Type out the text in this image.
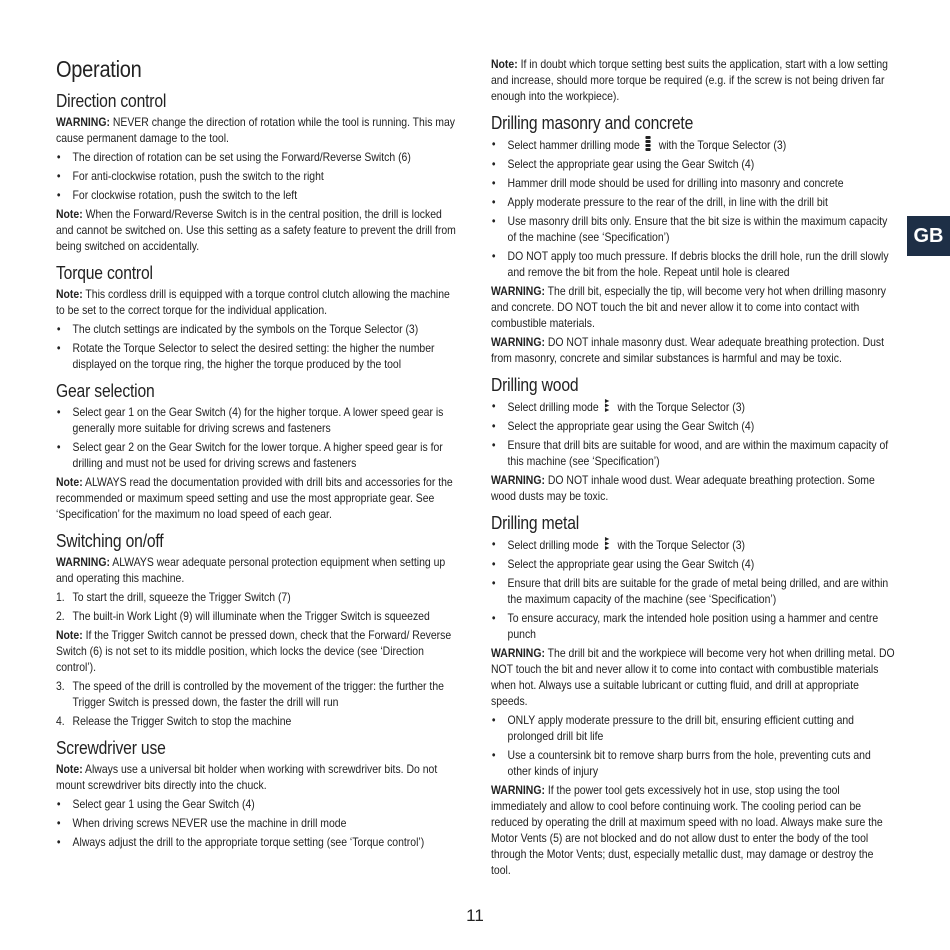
Operation
Direction control

WARNING: NEVER change the direction of rotation while the tool is running. This may cause permanent damage to the tool.

• The direction of rotation can be set using the Forward/Reverse Switch (6)
• For anti-clockwise rotation, push the switch to the right
• For clockwise rotation, push the switch to the left

Note: When the Forward/Reverse Switch is in the central position, the drill is locked and cannot be switched on. Use this setting as a safety feature to prevent the drill from being switched on accidentally.

Torque control

Note: This cordless drill is equipped with a torque control clutch allowing the machine to be set to the correct torque for the individual application.

• The clutch settings are indicated by the symbols on the Torque Selector (3)
• Rotate the Torque Selector to select the desired setting: the higher the number displayed on the torque ring, the higher the torque produced by the tool
Gear selection
• Select gear 1 on the Gear Switch (4) for the higher torque. A lower speed gear is generally more suitable for driving screws and fasteners
• Select gear 2 on the Gear Switch for the lower torque. A higher speed gear is for drilling and must not be used for driving screws and fasteners

Note: ALWAYS read the documentation provided with drill bits and accessories for the recommended or maximum speed setting and use the most appropriate gear. See ‘Specification’ for the maximum no load speed of each gear.

Switching on/off

WARNING: ALWAYS wear adequate personal protection equipment when setting up and operating this machine.

1. To start the drill, squeeze the Trigger Switch (7)
2. The built-in Work Light (9) will illuminate when the Trigger Switch is squeezed

Note: If the Trigger Switch cannot be pressed down, check that the Forward/ Reverse Switch (6) is not set to its middle position, which locks the device (see ‘Direction control’).

3. The speed of the drill is controlled by the movement of the trigger: the further the Trigger Switch is pressed down, the faster the drill will run
4. Release the Trigger Switch to stop the machine
Screwdriver use

Note: Always use a universal bit holder when working with screwdriver bits. Do not mount screwdriver bits directly into the chuck.

• Select gear 1 using the Gear Switch (4)
• When driving screws NEVER use the machine in drill mode
• Always adjust the drill to the appropriate torque setting (see ‘Torque control’)

Note: If in doubt which torque setting best suits the application, start with a low setting and increase, should more torque be required (e.g. if the screw is not being driven far enough into the workpiece).

Drilling masonry and concrete
• Select hammer drilling mode with the Torque Selector (3)
• Select the appropriate gear using the Gear Switch (4)
• Hammer drill mode should be used for drilling into masonry and concrete
• Apply moderate pressure to the rear of the drill, in line with the drill bit
• Use masonry drill bits only. Ensure that the bit size is within the maximum capacity of the machine (see ‘Specification’)
• DO NOT apply too much pressure. If debris blocks the drill hole, run the drill slowly and remove the bit from the hole. Repeat until hole is cleared

WARNING: The drill bit, especially the tip, will become very hot when drilling masonry and concrete. DO NOT touch the bit and never allow it to come into contact with combustible materials.

WARNING: DO NOT inhale masonry dust. Wear adequate breathing protection. Dust from masonry, concrete and similar substances is harmful and may be toxic.

Drilling wood
• Select drilling mode with the Torque Selector (3)
• Select the appropriate gear using the Gear Switch (4)
• Ensure that drill bits are suitable for wood, and are within the maximum capacity of this machine (see ‘Specification’)

WARNING: DO NOT inhale wood dust. Wear adequate breathing protection. Some wood dusts may be toxic.

Drilling metal
• Select drilling mode with the Torque Selector (3)
• Select the appropriate gear using the Gear Switch (4)
• Ensure that drill bits are suitable for the grade of metal being drilled, and are within the maximum capacity of the machine (see ‘Specification’)
• To ensure accuracy, mark the intended hole position using a hammer and centre punch

WARNING: The drill bit and the workpiece will become very hot when drilling metal. DO NOT touch the bit and never allow it to come into contact with combustible materials when hot. Always use a suitable lubricant or cutting fluid, and drill at appropriate speeds.

• ONLY apply moderate pressure to the drill bit, ensuring efficient cutting and prolonged drill bit life
• Use a countersink bit to remove sharp burrs from the hole, preventing cuts and other kinds of injury

WARNING: If the power tool gets excessively hot in use, stop using the tool immediately and allow to cool before continuing work. The cooling period can be reduced by operating the drill at maximum speed with no load. Always make sure the Motor Vents (5) are not blocked and do not allow dust to enter the body of the tool through the Motor Vents; dust, especially metallic dust, may damage or destroy the tool.

GB
11
